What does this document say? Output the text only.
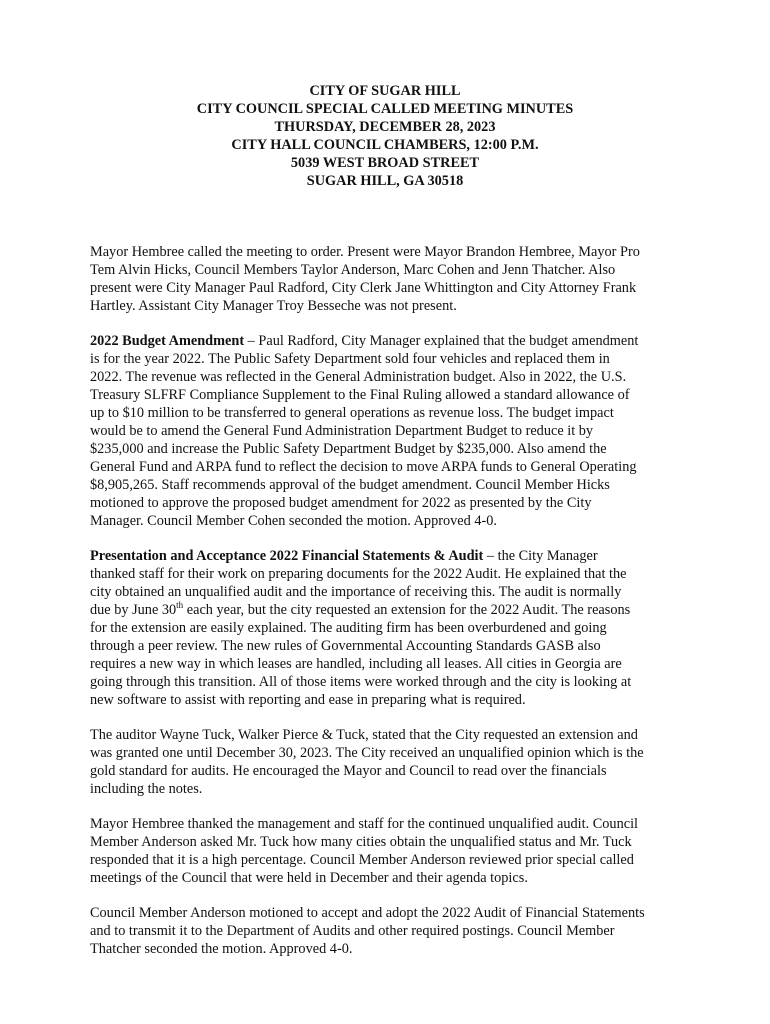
CITY OF SUGAR HILL
CITY COUNCIL SPECIAL CALLED MEETING MINUTES
THURSDAY, DECEMBER 28, 2023
CITY HALL COUNCIL CHAMBERS, 12:00 P.M.
5039 WEST BROAD STREET
SUGAR HILL, GA 30518
Mayor Hembree called the meeting to order. Present were Mayor Brandon Hembree, Mayor Pro
Tem Alvin Hicks, Council Members Taylor Anderson, Marc Cohen and Jenn Thatcher. Also
present were City Manager Paul Radford, City Clerk Jane Whittington and City Attorney Frank
Hartley. Assistant City Manager Troy Besseche was not present.
2022 Budget Amendment – Paul Radford, City Manager explained that the budget amendment
is for the year 2022. The Public Safety Department sold four vehicles and replaced them in
2022. The revenue was reflected in the General Administration budget. Also in 2022, the U.S.
Treasury SLFRF Compliance Supplement to the Final Ruling allowed a standard allowance of
up to $10 million to be transferred to general operations as revenue loss. The budget impact
would be to amend the General Fund Administration Department Budget to reduce it by
$235,000 and increase the Public Safety Department Budget by $235,000. Also amend the
General Fund and ARPA fund to reflect the decision to move ARPA funds to General Operating
$8,905,265. Staff recommends approval of the budget amendment. Council Member Hicks
motioned to approve the proposed budget amendment for 2022 as presented by the City
Manager. Council Member Cohen seconded the motion. Approved 4-0.
Presentation and Acceptance 2022 Financial Statements & Audit – the City Manager
thanked staff for their work on preparing documents for the 2022 Audit. He explained that the
city obtained an unqualified audit and the importance of receiving this. The audit is normally
due by June 30th each year, but the city requested an extension for the 2022 Audit. The reasons
for the extension are easily explained. The auditing firm has been overburdened and going
through a peer review. The new rules of Governmental Accounting Standards GASB also
requires a new way in which leases are handled, including all leases. All cities in Georgia are
going through this transition. All of those items were worked through and the city is looking at
new software to assist with reporting and ease in preparing what is required.
The auditor Wayne Tuck, Walker Pierce & Tuck, stated that the City requested an extension and
was granted one until December 30, 2023. The City received an unqualified opinion which is the
gold standard for audits. He encouraged the Mayor and Council to read over the financials
including the notes.
Mayor Hembree thanked the management and staff for the continued unqualified audit. Council
Member Anderson asked Mr. Tuck how many cities obtain the unqualified status and Mr. Tuck
responded that it is a high percentage. Council Member Anderson reviewed prior special called
meetings of the Council that were held in December and their agenda topics.
Council Member Anderson motioned to accept and adopt the 2022 Audit of Financial Statements
and to transmit it to the Department of Audits and other required postings. Council Member
Thatcher seconded the motion. Approved 4-0.
